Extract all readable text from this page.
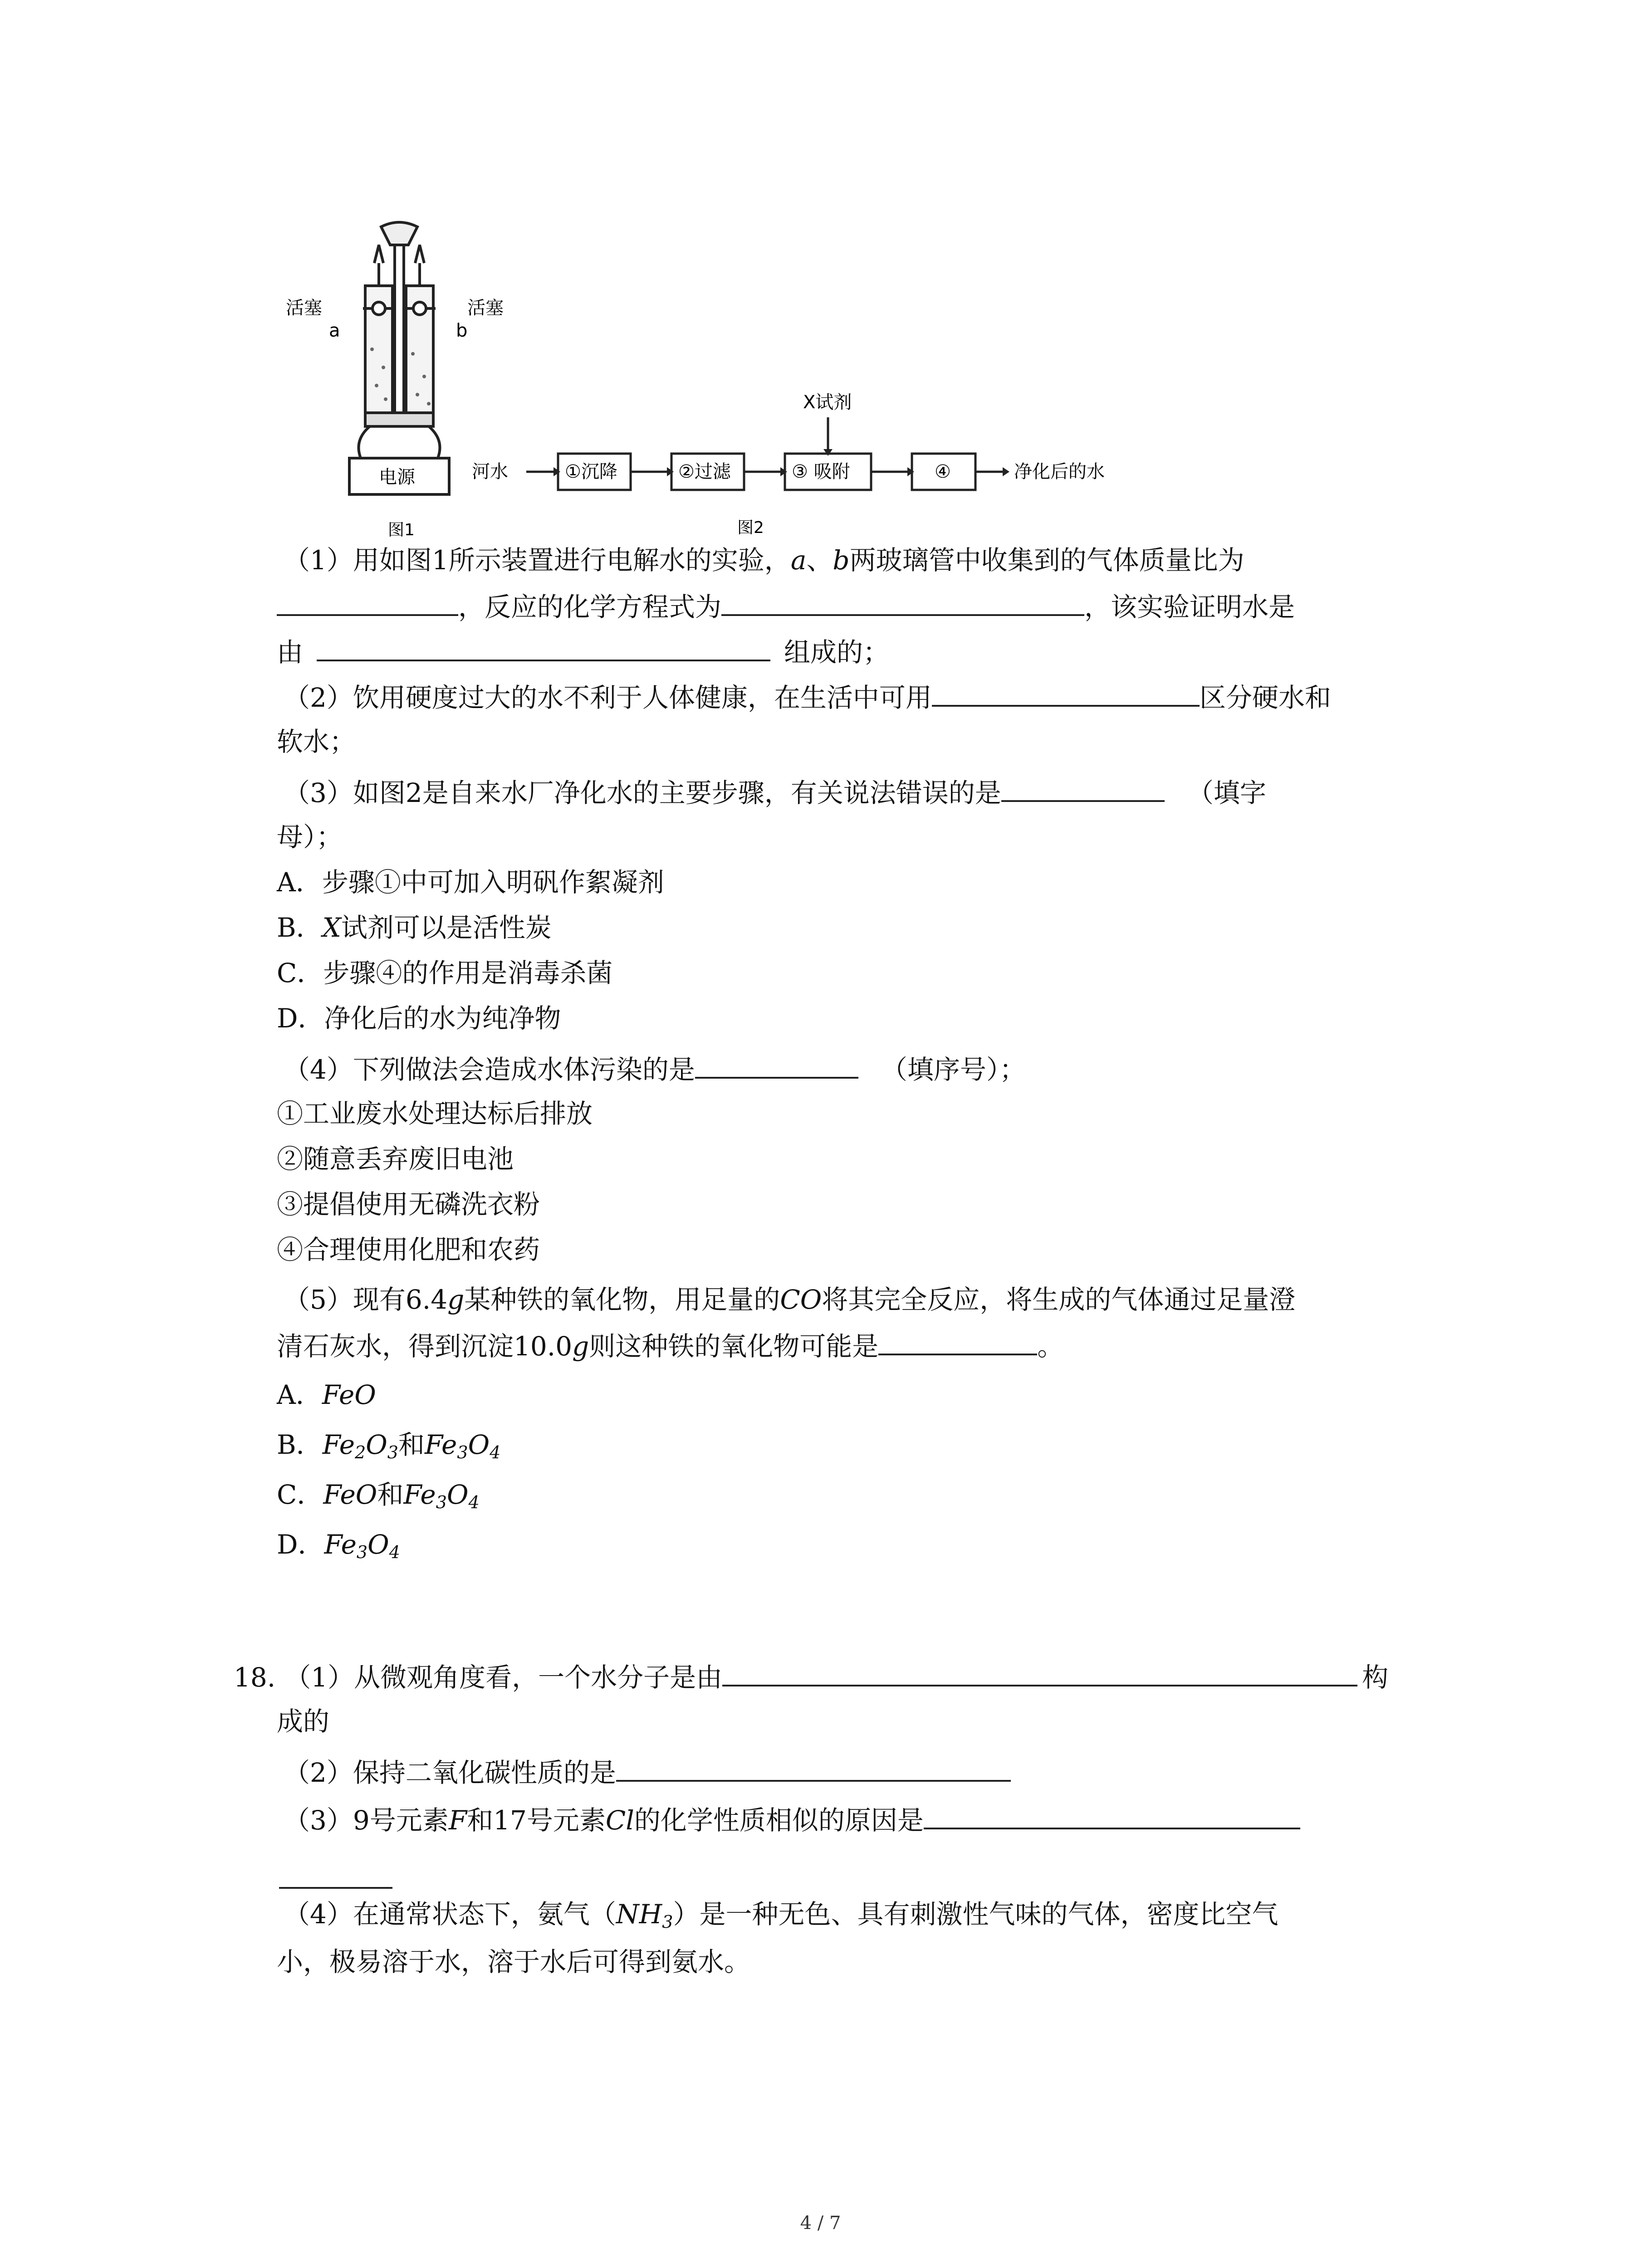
活塞	活塞
a	b
电源
图1
河水	①沉降	②过滤	③ 吸附	④
X试剂
净化后的水
图2
（1）用如图1所示装置进行电解水的实验，a、b两玻璃管中收集到的气体质量比为
，反应的化学方程式为	，该实验证明水是
由	组成的；
（2）饮用硬度过大的水不利于人体健康，在生活中可用	区分硬水和
软水；
（3）如图2是自来水厂净化水的主要步骤，有关说法错误的是	（填字
母）；
A．步骤①中可加入明矾作絮凝剂
B．X试剂可以是活性炭
C．步骤④的作用是消毒杀菌
D．净化后的水为纯净物
（4）下列做法会造成水体污染的是	（填序号）；
①工业废水处理达标后排放
②随意丢弃废旧电池
③提倡使用无磷洗衣粉
④合理使用化肥和农药
（5）现有6.4g某种铁的氧化物，用足量的CO将其完全反应，将生成的气体通过足量澄
清石灰水，得到沉淀10.0g则这种铁的氧化物可能是	。
A．FeO
B．$Fe_2O_3$和$Fe_3O_4$
C．FeO和$Fe_3O_4$
D．$Fe_3O_4$
18. （1）从微观角度看，一个水分子是由	构
成的
（2）保持二氧化碳性质的是
（3）9号元素F和17号元素Cl的化学性质相似的原因是
（4）在通常状态下，氨气$(NH_3)$是一种无色、具有刺激性气味的气体，密度比空气
小，极易溶于水，溶于水后可得到氨水。
4 / 7
